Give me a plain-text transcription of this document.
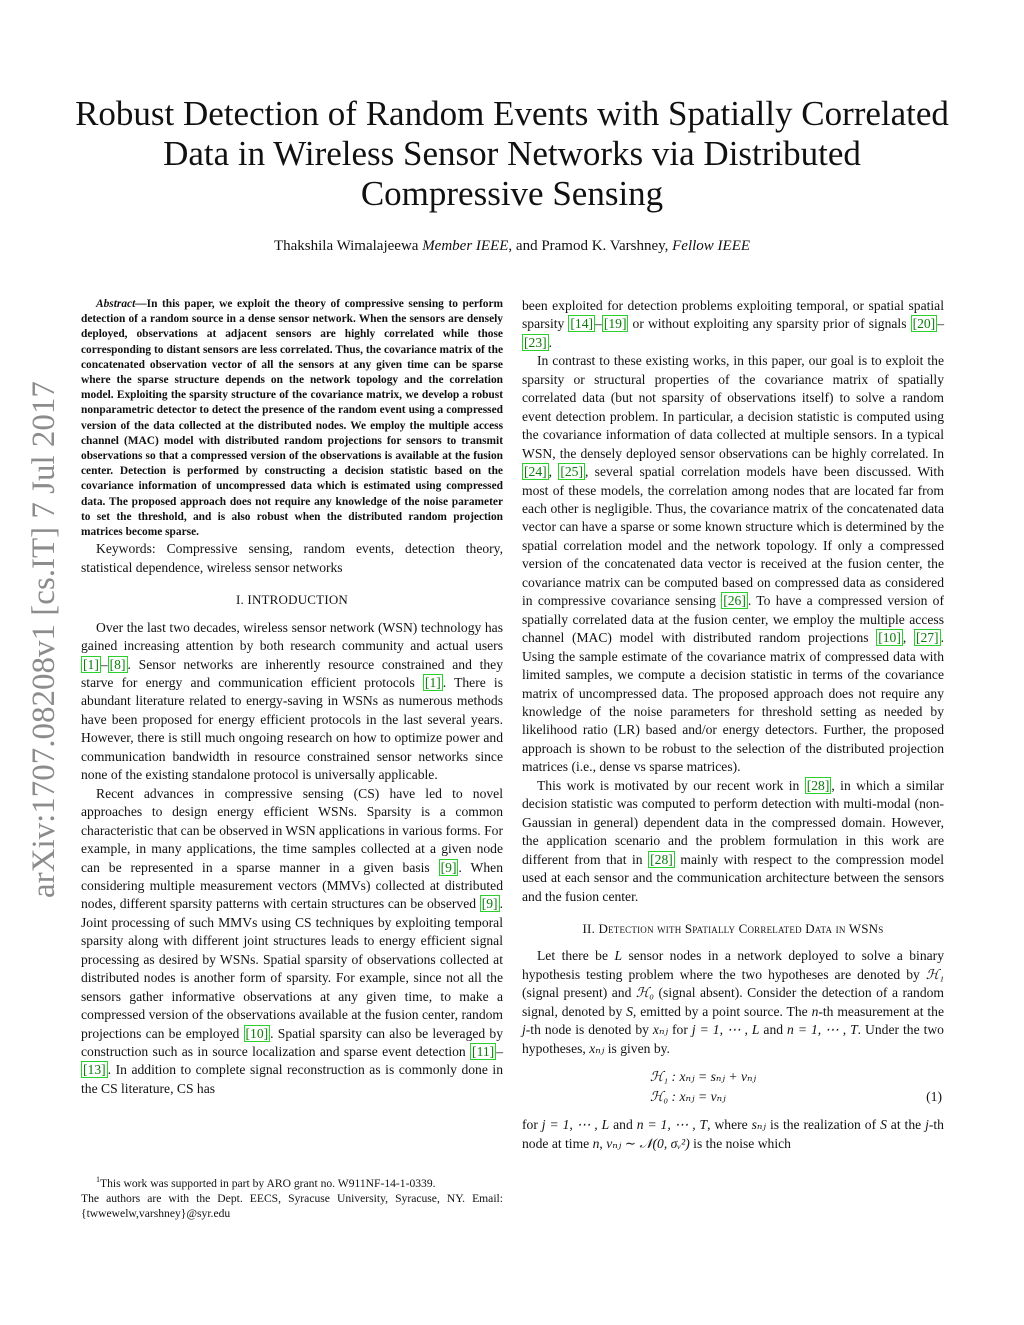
arXiv:1707.08208v1 [cs.IT] 7 Jul 2017
Robust Detection of Random Events with Spatially Correlated
Data in Wireless Sensor Networks via Distributed
Compressive Sensing
Thakshila Wimalajeewa Member IEEE, and Pramod K. Varshney, Fellow IEEE

Abstract—In this paper, we exploit the theory of compressive sensing to perform detection of a random source in a dense sensor network. When the sensors are densely deployed, observations at adjacent sensors are highly correlated while those corresponding to distant sensors are less correlated. Thus, the covariance matrix of the concatenated observation vector of all the sensors at any given time can be sparse where the sparse structure depends on the network topology and the correlation model. Exploiting the sparsity structure of the covariance matrix, we develop a robust nonparametric detector to detect the presence of the random event using a compressed version of the data collected at the distributed nodes. We employ the multiple access channel (MAC) model with distributed random projections for sensors to transmit observations so that a compressed version of the observations is available at the fusion center. Detection is performed by constructing a decision statistic based on the covariance information of uncompressed data which is estimated using compressed data. The proposed approach does not require any knowledge of the noise parameter to set the threshold, and is also robust when the distributed random projection matrices become sparse.

Keywords: Compressive sensing, random events, detection theory, statistical dependence, wireless sensor networks

I. INTRODUCTION

Over the last two decades, wireless sensor network (WSN) technology has gained increasing attention by both research community and actual users [1] – [8] . Sensor networks are inherently resource constrained and they starve for energy and communication efficient protocols [1] . There is abundant literature related to energy-saving in WSNs as numerous methods have been proposed for energy efficient protocols in the last several years. However, there is still much ongoing research on how to optimize power and communication bandwidth in resource constrained sensor networks since none of the existing standalone protocol is universally applicable.

Recent advances in compressive sensing (CS) have led to novel approaches to design energy efficient WSNs. Sparsity is a common characteristic that can be observed in WSN applications in various forms. For example, in many applications, the time samples collected at a given node can be represented in a sparse manner in a given basis [9] . When considering multiple measurement vectors (MMVs) collected at distributed nodes, different sparsity patterns with certain structures can be observed [9] . Joint processing of such MMVs using CS techniques by exploiting temporal sparsity along with different joint structures leads to energy efficient signal processing as desired by WSNs. Spatial sparsity of observations collected at distributed nodes is another form of sparsity. For example, since not all the sensors gather informative observations at any given time, to make a compressed version of the observations available at the fusion center, random projections can be employed [10] . Spatial sparsity can also be leveraged by construction such as in source localization and sparse event detection [11] –[13] . In addition to complete signal reconstruction as is commonly done in the CS literature, CS has

$^1$This work was supported in part by ARO grant no. W911NF-14-1-0339.

The authors are with the Dept. EECS, Syracuse University, Syracuse, NY. Email: {twwewelw,varshney}@syr.edu

been exploited for detection problems exploiting temporal, or spatial spatial sparsity [14] – [19] or without exploiting any sparsity prior of signals [20] –[23] .

In contrast to these existing works, in this paper, our goal is to exploit the sparsity or structural properties of the covariance matrix of spatially correlated data (but not sparsity of observations itself) to solve a random event detection problem. In particular, a decision statistic is computed using the covariance information of data collected at multiple sensors. In a typical WSN, the densely deployed sensor observations can be highly correlated. In [24] , [25] , several spatial correlation models have been discussed. With most of these models, the correlation among nodes that are located far from each other is negligible. Thus, the covariance matrix of the concatenated data vector can have a sparse or some known structure which is determined by the spatial correlation model and the network topology. If only a compressed version of the concatenated data vector is received at the fusion center, the covariance matrix can be computed based on compressed data as considered in compressive covariance sensing [26] . To have a compressed version of spatially correlated data at the fusion center, we employ the multiple access channel (MAC) model with distributed random projections [10] , [27] . Using the sample estimate of the covariance matrix of compressed data with limited samples, we compute a decision statistic in terms of the covariance matrix of uncompressed data. The proposed approach does not require any knowledge of the noise parameters for threshold setting as needed by likelihood ratio (LR) based and/or energy detectors. Further, the proposed approach is shown to be robust to the selection of the distributed projection matrices (i.e., dense vs sparse matrices).

This work is motivated by our recent work in [28] , in which a similar decision statistic was computed to perform detection with multi-modal (non-Gaussian in general) dependent data in the compressed domain. However, the application scenario and the problem formulation in this work are different from that in [28] mainly with respect to the compression model used at each sensor and the communication architecture between the sensors and the fusion center.

II. Detection with Spatially Correlated Data in WSNs

Let there be L sensor nodes in a network deployed to solve a binary hypothesis testing problem where the two hypotheses are denoted by ℋ₁ (signal present) and ℋ₀ (signal absent). Consider the detection of a random signal, denoted by S, emitted by a point source. The n-th measurement at the j-th node is denoted by xₙⱼ for j = 1, ⋯ , L and n = 1, ⋯ , T. Under the two hypotheses, xₙⱼ is given by.

ℋ₁ : xₙⱼ = sₙⱼ + vₙⱼ
ℋ₀ : xₙⱼ = vₙⱼ	(1)

for j = 1, ⋯ , L and n = 1, ⋯ , T, where sₙⱼ is the realization of S at the j-th node at time n, vₙⱼ ∼ 𝒩(0, σᵥ²) is the noise which
